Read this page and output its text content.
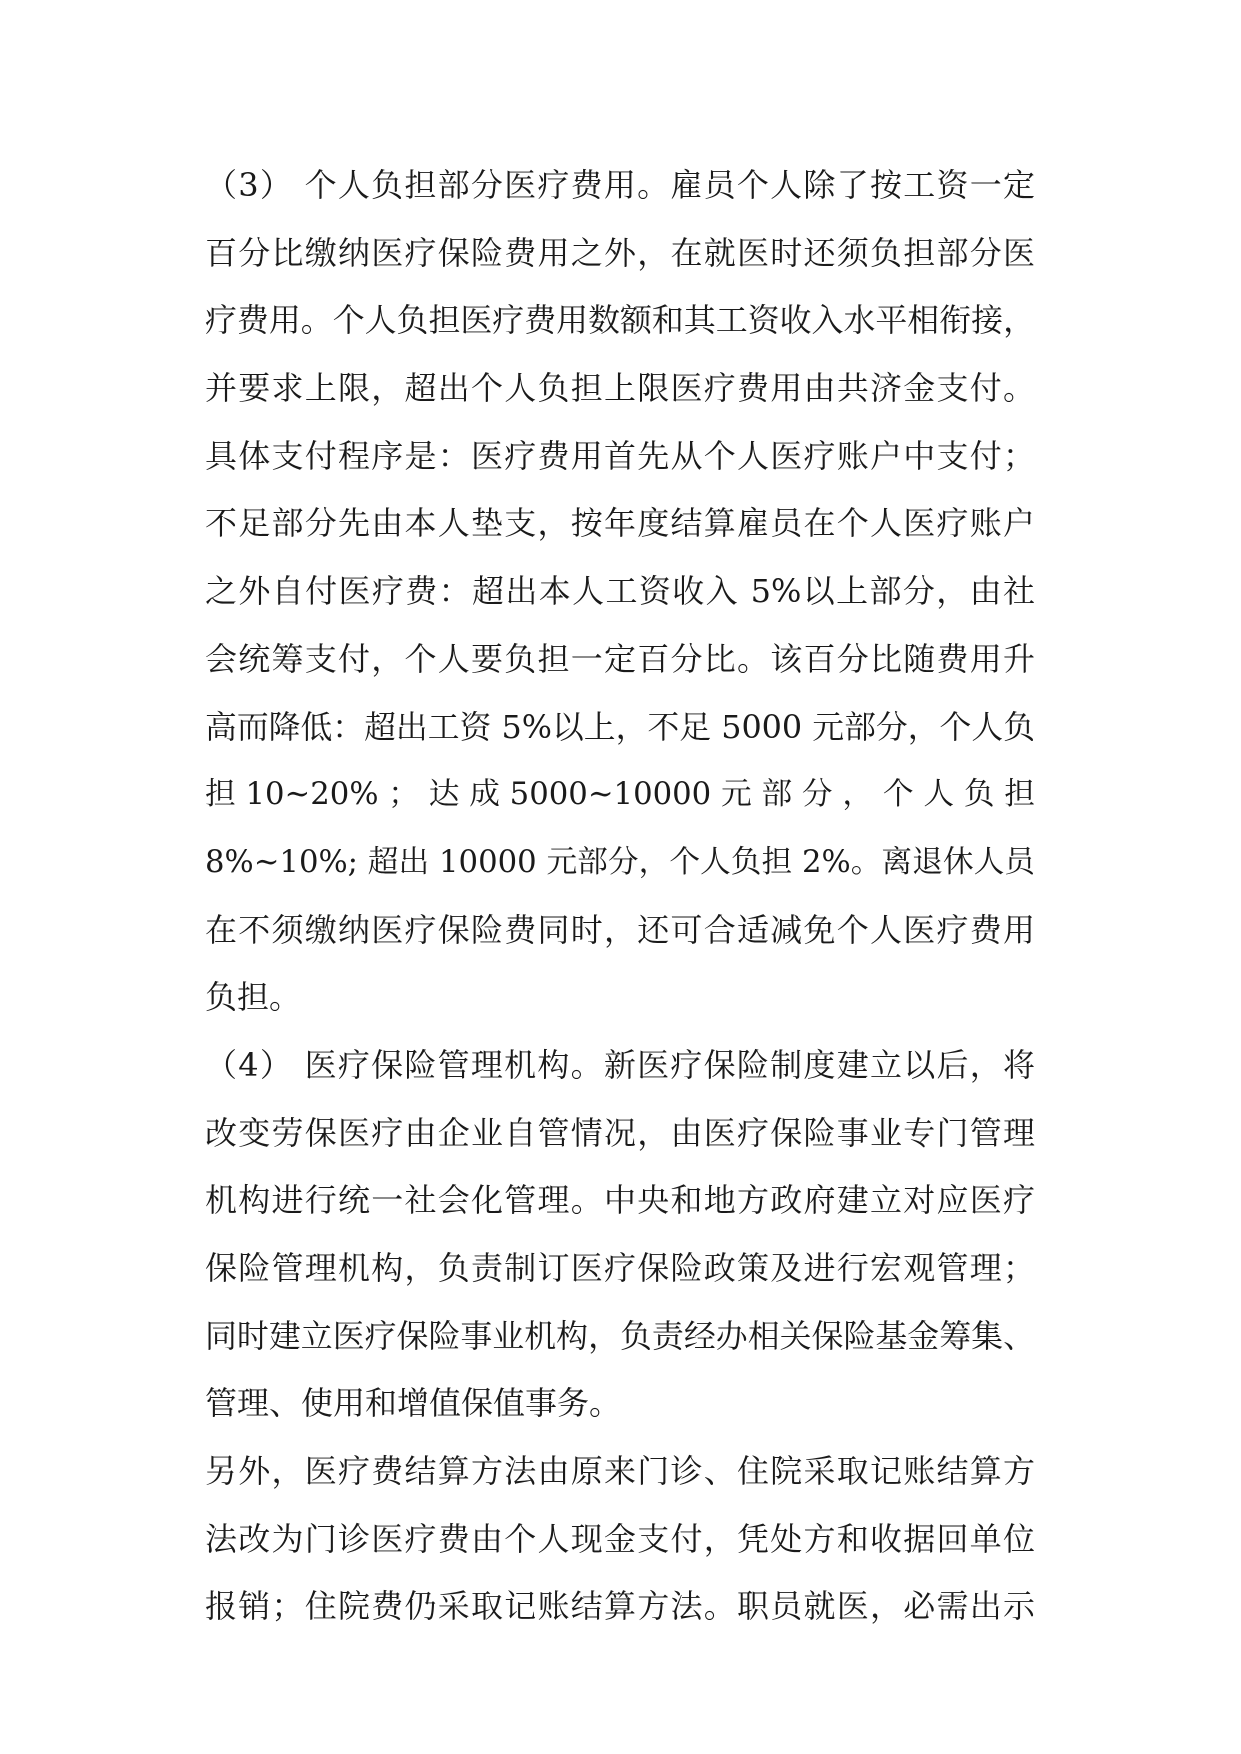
（3） 个人负担部分医疗费用。雇员个人除了按工资一定
百分比缴纳医疗保险费用之外，在就医时还须负担部分医
疗费用。个人负担医疗费用数额和其工资收入水平相衔接，
并要求上限，超出个人负担上限医疗费用由共济金支付。
具体支付程序是：医疗费用首先从个人医疗账户中支付；
不足部分先由本人垫支，按年度结算雇员在个人医疗账户
之外自付医疗费：超出本人工资收入 5%以上部分，由社
会统筹支付，个人要负担一定百分比。该百分比随费用升
高而降低：超出工资 5%以上，不足 5000 元部分，个人负
担 10~20% ； 达 成 5000~10000 元 部 分 ， 个 人 负 担
8%~10%; 超出 10000 元部分，个人负担 2%。离退休人员
在不须缴纳医疗保险费同时，还可合适减免个人医疗费用
负担。
（4） 医疗保险管理机构。新医疗保险制度建立以后，将
改变劳保医疗由企业自管情况，由医疗保险事业专门管理
机构进行统一社会化管理。中央和地方政府建立对应医疗
保险管理机构，负责制订医疗保险政策及进行宏观管理；
同时建立医疗保险事业机构，负责经办相关保险基金筹集、
管理、使用和增值保值事务。
另外，医疗费结算方法由原来门诊、住院采取记账结算方
法改为门诊医疗费由个人现金支付，凭处方和收据回单位
报销；住院费仍采取记账结算方法。职员就医，必需出示
